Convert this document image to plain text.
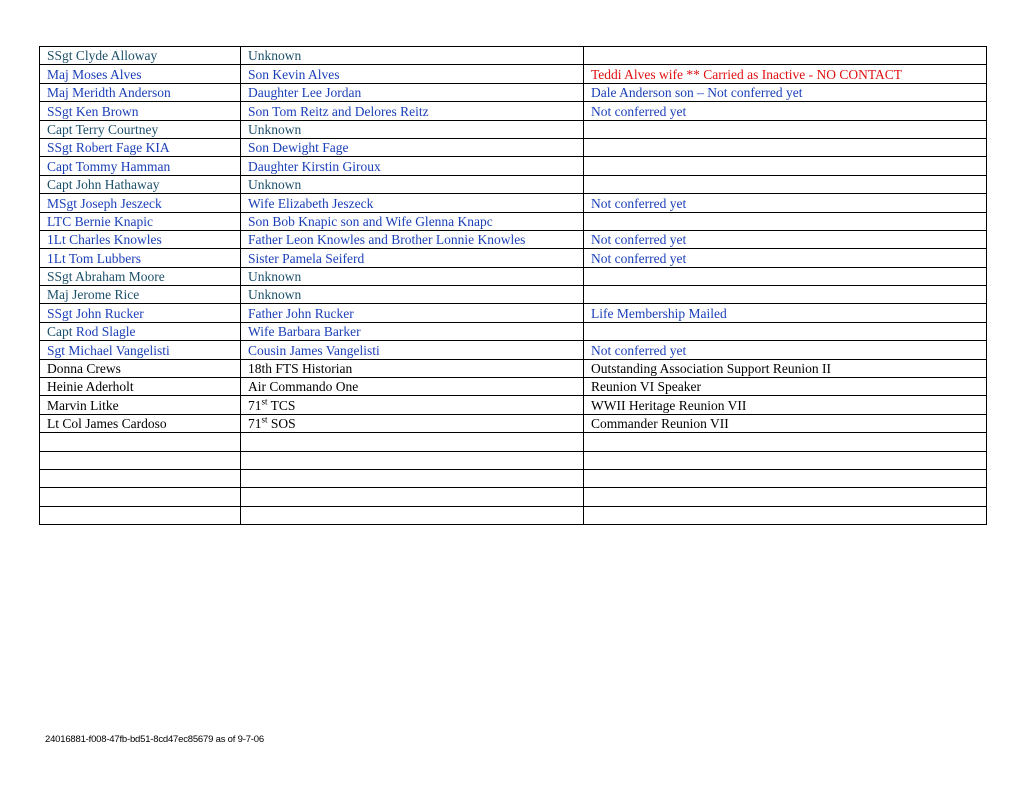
SSgt Clyde Alloway	Unknown	
Maj Moses Alves	Son Kevin Alves	Teddi Alves wife ** Carried as Inactive - NO CONTACT
Maj Meridth Anderson	Daughter Lee Jordan	Dale Anderson son – Not conferred yet
SSgt Ken Brown	Son Tom Reitz and Delores Reitz	Not conferred yet
Capt Terry Courtney	Unknown	
SSgt Robert Fage KIA	Son Dewight Fage	
Capt Tommy Hamman	Daughter Kirstin Giroux	
Capt John Hathaway	Unknown	
MSgt Joseph Jeszeck	Wife Elizabeth Jeszeck	Not conferred yet
LTC Bernie Knapic	Son Bob Knapic son and Wife Glenna Knapc	
1Lt Charles Knowles	Father Leon Knowles and Brother Lonnie Knowles	Not conferred yet
1Lt Tom Lubbers	Sister Pamela Seiferd	Not conferred yet
SSgt Abraham Moore	Unknown	
Maj Jerome Rice	Unknown	
SSgt John Rucker	Father John Rucker	Life Membership Mailed
Capt Rod Slagle	Wife Barbara Barker	
Sgt Michael Vangelisti	Cousin James Vangelisti	Not conferred yet
Donna Crews	18th FTS Historian	Outstanding Association Support Reunion II
Heinie Aderholt	Air Commando One	Reunion VI Speaker
Marvin Litke	71st TCS	WWII Heritage Reunion VII
Lt Col James Cardoso	71st SOS	Commander Reunion VII

24016881-f008-47fb-bd51-8cd47ec85679 as of 9-7-06
